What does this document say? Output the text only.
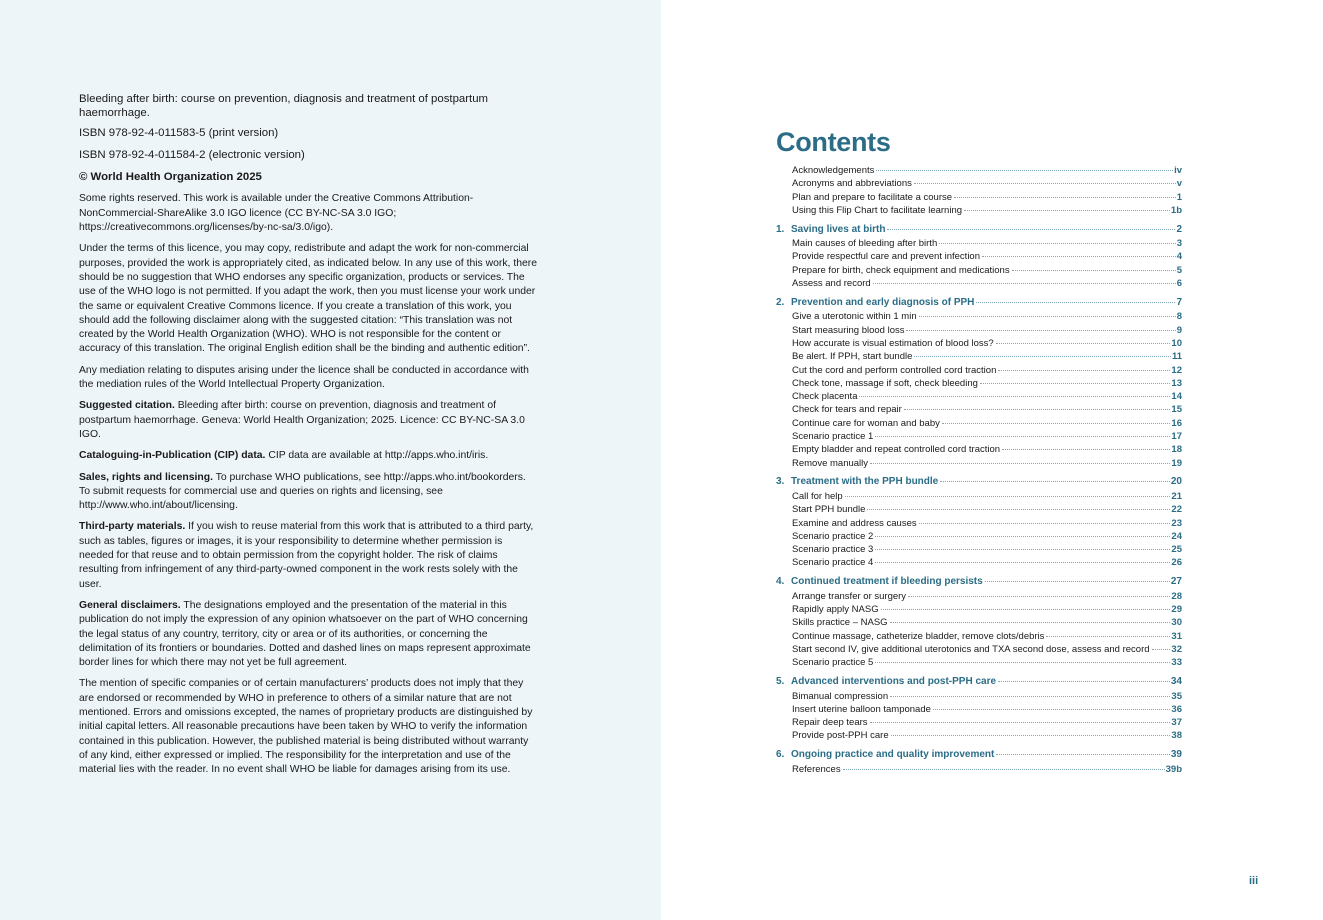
Bleeding after birth: course on prevention, diagnosis and treatment of postpartum haemorrhage.

ISBN 978-92-4-011583-5 (print version)

ISBN 978-92-4-011584-2 (electronic version)

© World Health Organization 2025

Some rights reserved. This work is available under the Creative Commons Attribution-NonCommercial-ShareAlike 3.0 IGO licence (CC BY-NC-SA 3.0 IGO; https://creativecommons.org/licenses/by-nc-sa/3.0/igo).

Under the terms of this licence, you may copy, redistribute and adapt the work for non-commercial purposes, provided the work is appropriately cited, as indicated below. In any use of this work, there should be no suggestion that WHO endorses any specific organization, products or services. The use of the WHO logo is not permitted. If you adapt the work, then you must license your work under the same or equivalent Creative Commons licence. If you create a translation of this work, you should add the following disclaimer along with the suggested citation: “This translation was not created by the World Health Organization (WHO). WHO is not responsible for the content or accuracy of this translation. The original English edition shall be the binding and authentic edition”.

Any mediation relating to disputes arising under the licence shall be conducted in accordance with the mediation rules of the World Intellectual Property Organization.

Suggested citation. Bleeding after birth: course on prevention, diagnosis and treatment of postpartum haemorrhage. Geneva: World Health Organization; 2025. Licence: CC BY-NC-SA 3.0 IGO.

Cataloguing-in-Publication (CIP) data. CIP data are available at http://apps.who.int/iris.

Sales, rights and licensing. To purchase WHO publications, see http://apps.who.int/bookorders. To submit requests for commercial use and queries on rights and licensing, see http://www.who.int/about/licensing.

Third-party materials. If you wish to reuse material from this work that is attributed to a third party, such as tables, figures or images, it is your responsibility to determine whether permission is needed for that reuse and to obtain permission from the copyright holder. The risk of claims resulting from infringement of any third-party-owned component in the work rests solely with the user.

General disclaimers. The designations employed and the presentation of the material in this publication do not imply the expression of any opinion whatsoever on the part of WHO concerning the legal status of any country, territory, city or area or of its authorities, or concerning the delimitation of its frontiers or boundaries. Dotted and dashed lines on maps represent approximate border lines for which there may not yet be full agreement.

The mention of specific companies or of certain manufacturers’ products does not imply that they are endorsed or recommended by WHO in preference to others of a similar nature that are not mentioned. Errors and omissions excepted, the names of proprietary products are distinguished by initial capital letters. All reasonable precautions have been taken by WHO to verify the information contained in this publication. However, the published material is being distributed without warranty of any kind, either expressed or implied. The responsibility for the interpretation and use of the material lies with the reader. In no event shall WHO be liable for damages arising from its use.

Contents
Acknowledgements	iv
Acronyms and abbreviations	v
Plan and prepare to facilitate a course	1
Using this Flip Chart to facilitate learning	1b
1. Saving lives at birth	2
Main causes of bleeding after birth	3
Provide respectful care and prevent infection	4
Prepare for birth, check equipment and medications	5
Assess and record	6
2. Prevention and early diagnosis of PPH	7
Give a uterotonic within 1 min	8
Start measuring blood loss	9
How accurate is visual estimation of blood loss?	10
Be alert. If PPH, start bundle	11
Cut the cord and perform controlled cord traction	12
Check tone, massage if soft, check bleeding	13
Check placenta	14
Check for tears and repair	15
Continue care for woman and baby	16
Scenario practice 1	17
Empty bladder and repeat controlled cord traction	18
Remove manually	19
3. Treatment with the PPH bundle	20
Call for help	21
Start PPH bundle	22
Examine and address causes	23
Scenario practice 2	24
Scenario practice 3	25
Scenario practice 4	26
4. Continued treatment if bleeding persists	27
Arrange transfer or surgery	28
Rapidly apply NASG	29
Skills practice – NASG	30
Continue massage, catheterize bladder, remove clots/debris	31
Start second IV, give additional uterotonics and TXA second dose, assess and record 32
Scenario practice 5	33
5. Advanced interventions and post-PPH care	34
Bimanual compression	35
Insert uterine balloon tamponade	36
Repair deep tears	37
Provide post-PPH care	38
6. Ongoing practice and quality improvement	39
References	39b
iii
